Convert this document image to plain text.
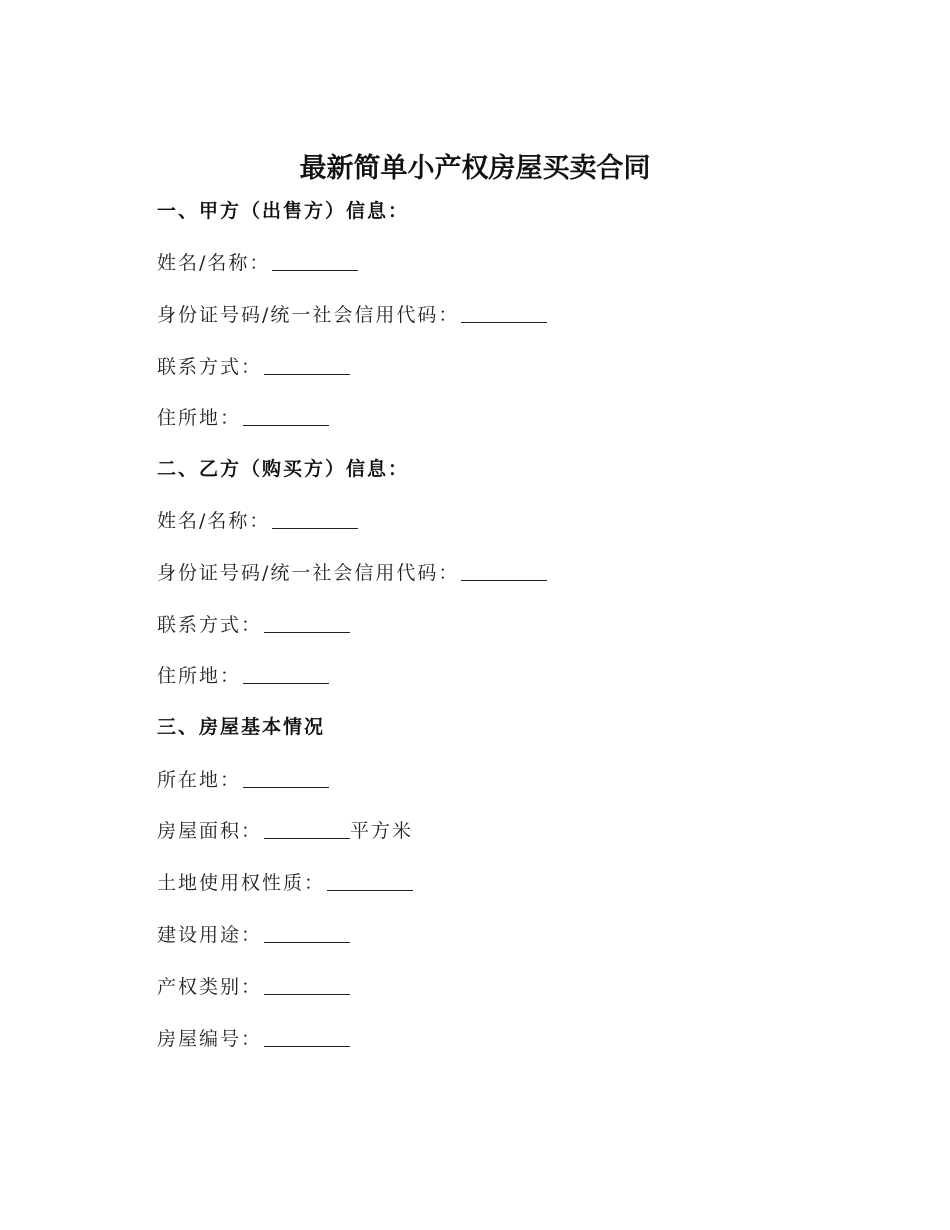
最新简单小产权房屋买卖合同
一、甲方（出售方）信息：
姓名/名称：
身份证号码/统一社会信用代码：
联系方式：
住所地：
二、乙方（购买方）信息：
姓名/名称：
身份证号码/统一社会信用代码：
联系方式：
住所地：
三、房屋基本情况
所在地：
房屋面积：	平方米
土地使用权性质：
建设用途：
产权类别：
房屋编号：
